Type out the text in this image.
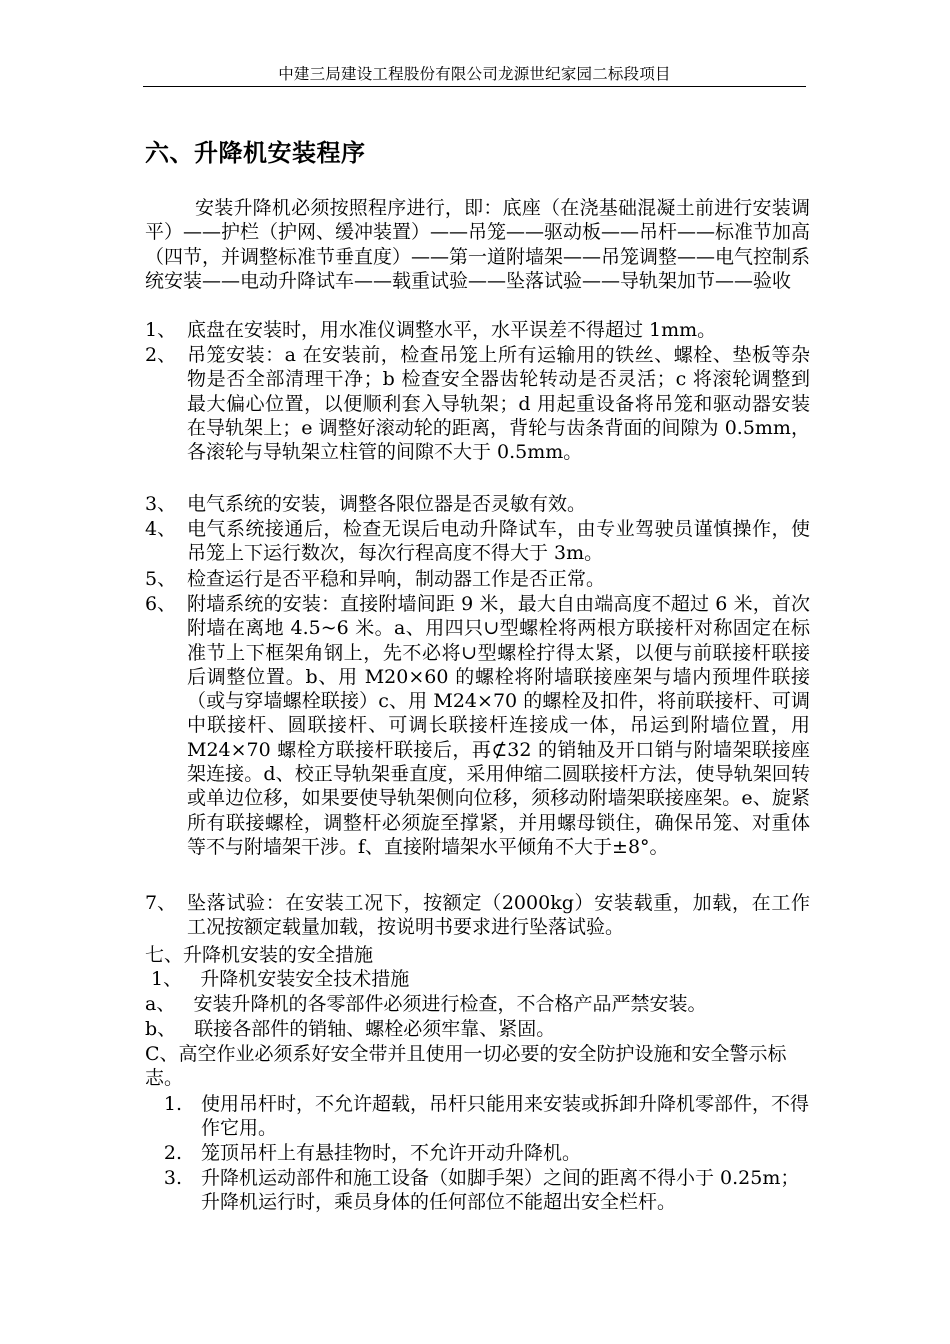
中建三局建设工程股份有限公司龙源世纪家园二标段项目
六、升降机安装程序
安装升降机必须按照程序进行，即：底座（在浇基础混凝土前进行安装调平）——护栏（护网、缓冲装置）——吊笼——驱动板——吊杆——标准节加高（四节，并调整标准节垂直度）——第一道附墙架——吊笼调整——电气控制系统安装——电动升降试车——载重试验——坠落试验——导轨架加节——验收
1、 底盘在安装时，用水准仪调整水平，水平误差不得超过 1mm。
2、 吊笼安装：a 在安装前，检查吊笼上所有运输用的铁丝、螺栓、垫板等杂物是否全部清理干净；b 检查安全器齿轮转动是否灵活；c 将滚轮调整到最大偏心位置，以便顺利套入导轨架；d 用起重设备将吊笼和驱动器安装在导轨架上；e 调整好滚动轮的距离，背轮与齿条背面的间隙为 0.5mm，各滚轮与导轨架立柱管的间隙不大于 0.5mm。
3、 电气系统的安装，调整各限位器是否灵敏有效。
4、 电气系统接通后，检查无误后电动升降试车，由专业驾驶员谨慎操作，使吊笼上下运行数次，每次行程高度不得大于 3m。
5、 检查运行是否平稳和异响，制动器工作是否正常。
6、 附墙系统的安装：直接附墙间距 9 米，最大自由端高度不超过 6 米，首次附墙在离地 4.5~6 米。a、用四只∪型螺栓将两根方联接杆对称固定在标准节上下框架角钢上，先不必将∪型螺栓拧得太紧，以便与前联接杆联接后调整位置。b、用 M20×60 的螺栓将附墙联接座架与墙内预埋件联接（或与穿墙螺栓联接）c、用 M24×70 的螺栓及扣件，将前联接杆、可调中联接杆、圆联接杆、可调长联接杆连接成一体，吊运到附墙位置，用 M24×70 螺栓方联接杆联接后，再⊄32 的销轴及开口销与附墙架联接座架连接。d、校正导轨架垂直度，采用伸缩二圆联接杆方法，使导轨架回转或单边位移，如果要使导轨架侧向位移，须移动附墙架联接座架。e、旋紧所有联接螺栓，调整杆必须旋至撑紧，并用螺母锁住，确保吊笼、对重体等不与附墙架干涉。f、直接附墙架水平倾角不大于±8°。
7、 坠落试验：在安装工况下，按额定（2000kg）安装载重，加载，在工作工况按额定载量加载，按说明书要求进行坠落试验。
七、升降机安装的安全措施
1、   升降机安装安全技术措施
a、   安装升降机的各零部件必须进行检查，不合格产品严禁安装。
b、   联接各部件的销轴、螺栓必须牢靠、紧固。
C、高空作业必须系好安全带并且使用一切必要的安全防护设施和安全警示标志。
1. 使用吊杆时，不允许超载，吊杆只能用来安装或拆卸升降机零部件，不得作它用。
2. 笼顶吊杆上有悬挂物时，不允许开动升降机。
3. 升降机运动部件和施工设备（如脚手架）之间的距离不得小于 0.25m；升降机运行时，乘员身体的任何部位不能超出安全栏杆。
